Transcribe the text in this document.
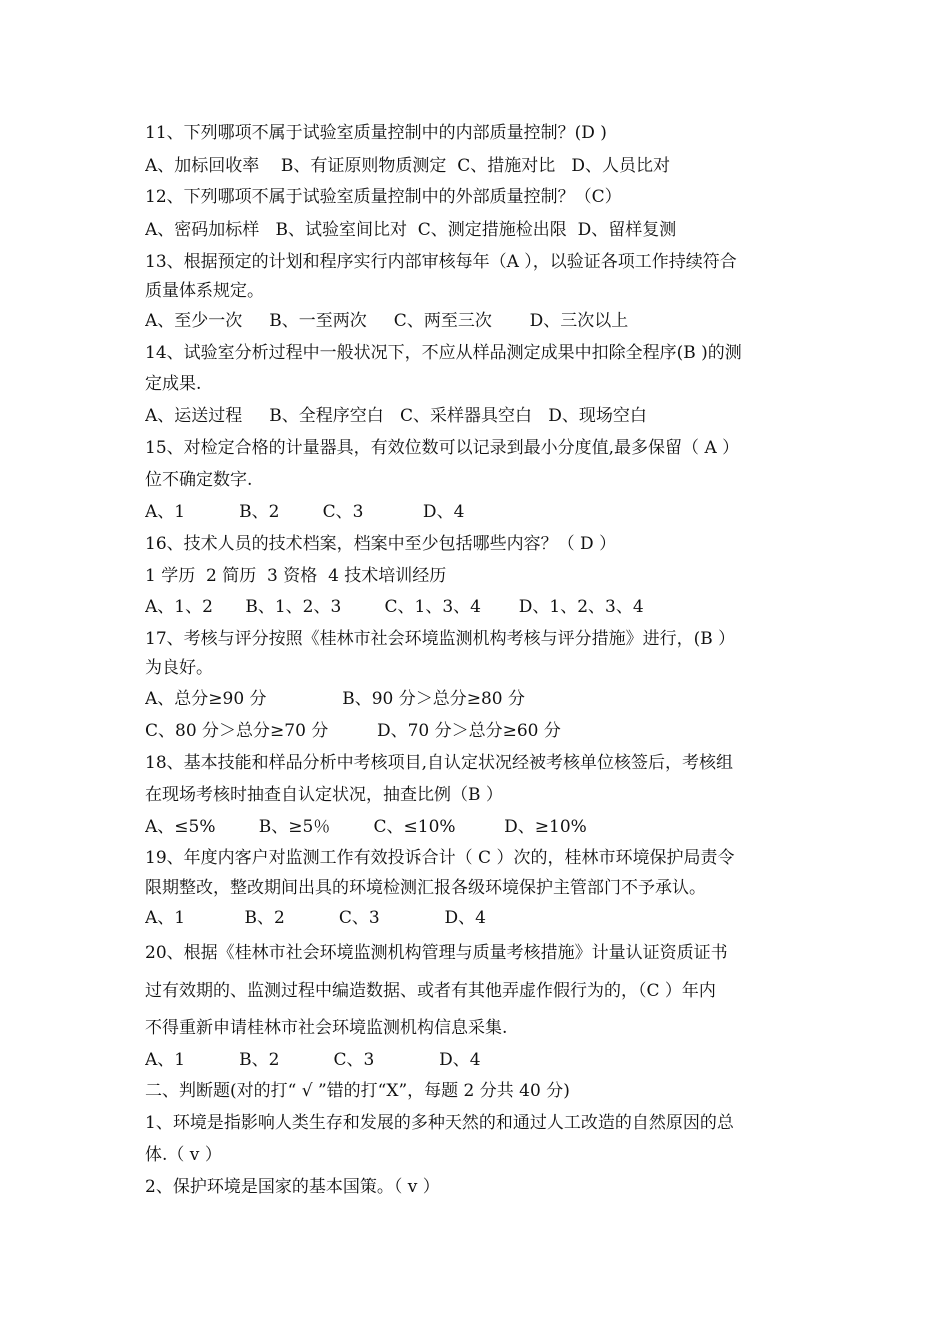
11、下列哪项不属于试验室质量控制中的内部质量控制？(D )
A、加标回收率    B、有证原则物质测定  C、措施对比   D、人员比对
12、下列哪项不属于试验室质量控制中的外部质量控制？（C）
A、密码加标样   B、试验室间比对  C、测定措施检出限  D、留样复测
13、根据预定的计划和程序实行内部审核每年（A ），以验证各项工作持续符合
质量体系规定。
A、至少一次     B、一至两次     C、两至三次       D、三次以上
14、试验室分析过程中一般状况下，不应从样品测定成果中扣除全程序(B )的测
定成果.
A、运送过程     B、全程序空白   C、采样器具空白   D、现场空白
15、对检定合格的计量器具，有效位数可以记录到最小分度值,最多保留（ A ）
位不确定数字.
A、1          B、2        C、3           D、4
16、技术人员的技术档案，档案中至少包括哪些内容？（ D ）
1 学历  2 简历  3 资格  4 技术培训经历
A、1、2      B、1、2、3        C、1、3、4       D、1、2、3、4
17、考核与评分按照《桂林市社会环境监测机构考核与评分措施》进行，(B ）
为良好。
A、总分≥90 分              B、90 分＞总分≥80 分
C、80 分＞总分≥70 分         D、70 分＞总分≥60 分
18、基本技能和样品分析中考核项目,自认定状况经被考核单位核签后，考核组
在现场考核时抽查自认定状况，抽查比例（B ）
A、≤5%        B、≥5％        C、≤10%         D、≥10%
19、年度内客户对监测工作有效投诉合计（ C ）次的，桂林市环境保护局责令
限期整改，整改期间出具的环境检测汇报各级环境保护主管部门不予承认。
A、1           B、2          C、3            D、4
20、根据《桂林市社会环境监测机构管理与质量考核措施》计量认证资质证书
过有效期的、监测过程中编造数据、或者有其他弄虚作假行为的，（C ）年内
不得重新申请桂林市社会环境监测机构信息采集.
A、1          B、2          C、3            D、4
二、判断题(对的打“ √ ”错的打“X”，每题 2 分共 40 分)
1、环境是指影响人类生存和发展的多种天然的和通过人工改造的自然原因的总
体.（ v ）
2、保护环境是国家的基本国策。（ v ）
